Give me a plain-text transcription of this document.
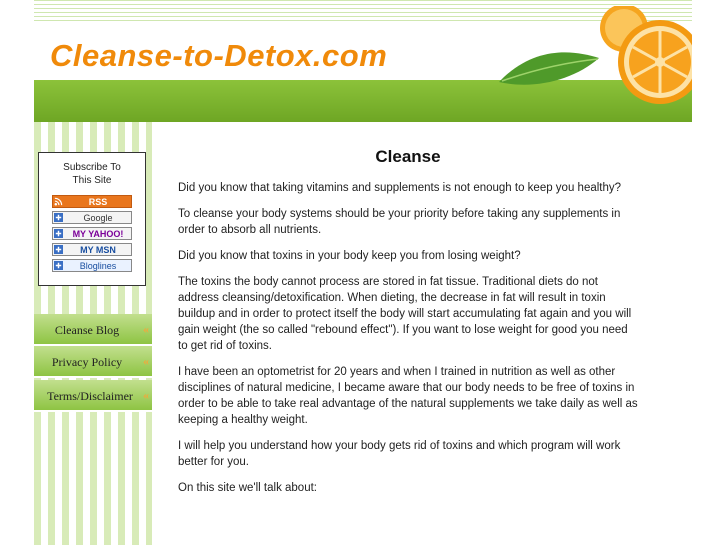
Cleanse-to-Detox.com
Subscribe To This Site
RSS
Google
MY YAHOO!
MY MSN
Bloglines
Cleanse Blog	«
Privacy Policy	«
Terms/Disclaimer «
Cleanse

Did you know that taking vitamins and supplements is not enough to keep you healthy?

To cleanse your body systems should be your priority before taking any supplements in order to absorb all nutrients.

Did you know that toxins in your body keep you from losing weight?

The toxins the body cannot process are stored in fat tissue. Traditional diets do not address cleansing/detoxification. When dieting, the decrease in fat will result in toxin buildup and in order to protect itself the body will start accumulating fat again and you will gain weight (the so called "rebound effect"). If you want to lose weight for good you need to get rid of toxins.

I have been an optometrist for 20 years and when I trained in nutrition as well as other disciplines of natural medicine, I became aware that our body needs to be free of toxins in order to be able to take real advantage of the natural supplements we take daily as well as keeping a healthy weight.

I will help you understand how your body gets rid of toxins and which program will work better for you.

On this site we'll talk about:
